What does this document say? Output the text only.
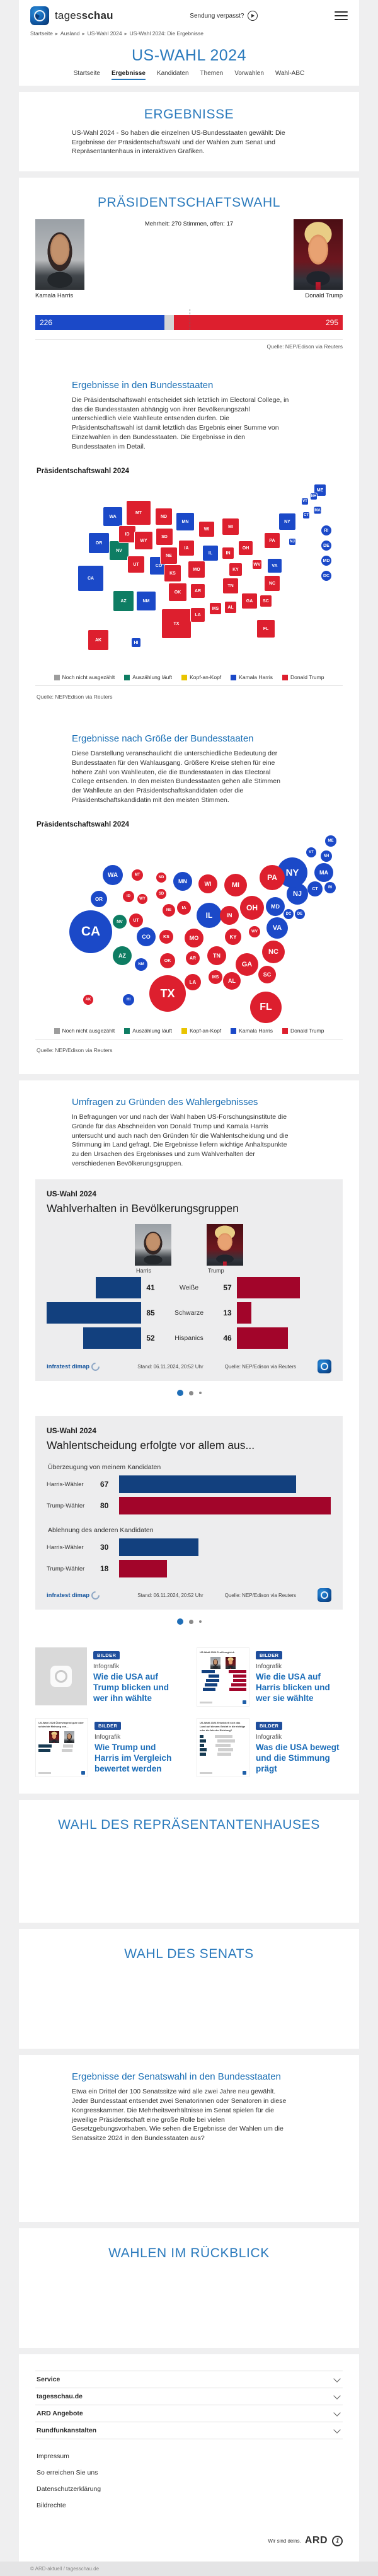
tagesschau	Sendung verpasst?
Startseite ▸ Ausland ▸ US-Wahl 2024 ▸ US-Wahl 2024: Die Ergebnisse
US-WAHL 2024
Startseite Ergebnisse Kandidaten Themen Vorwahlen Wahl-ABC
ERGEBNISSE

US-Wahl 2024 - So haben die einzelnen US-Bundesstaaten gewählt: Die Ergebnisse der Präsidentschaftswahl und der Wahlen zum Senat und Repräsentantenhaus in interaktiven Grafiken.

PRÄSIDENTSCHAFTSWAHL
Mehrheit: 270 Stimmen, offen: 17
Kamala Harris	Donald Trump
226	295
Quelle: NEP/Edison via Reuters
Ergebnisse in den Bundesstaaten

Die Präsidentschaftswahl entscheidet sich letztlich im Electoral College, in das die Bundesstaaten abhängig von ihrer Bevölkerungszahl unterschiedlich viele Wahlleute entsenden dürfen. Die Präsidentschaftswahl ist damit letztlich das Ergebnis einer Summe von Einzelwahlen in den Bundesstaaten. Die Ergebnisse in den Bundesstaaten im Detail.

Präsidentschaftswahl 2024
WA
OR
CA
NV
ID
MT
WY
UT	CO
AZ	NM
ND
SD
NE
KS
OK
TX
MN
IA
MO
AR
LA
WI
IL
MS
MI
IN
OH
KY
TN
AL
GA
FL
WV	VA
NC
SC
PA
NY
ME
NJ
VT
NH
MA
CT
AK
HI
RI
DE
MD
DC
Noch nicht ausgezählt	Auszählung läuft	Kopf-an-Kopf	Kamala Harris	Donald Trump
Quelle: NEP/Edison via Reuters
Ergebnisse nach Größe der Bundesstaaten

Diese Darstellung veranschaulicht die unterschiedliche Bedeutung der Bundesstaaten für den Wahlausgang. Größere Kreise stehen für eine höhere Zahl von Wahlleuten, die die Bundesstaaten in das Electoral College entsenden. In den meisten Bundesstaaten gehen alle Stimmen der Wahlleute an den Präsidentschaftskandidaten oder die Präsidentschaftskandidatin mit den meisten Stimmen.

Präsidentschaftswahl 2024
AK
AL
AR
AZ
CA	CO
CT
DC	DE
FL
GA
HI
IA
ID
IL	IN
KS	KY
LA
MA
MD
ME
MI
MN
MO
MS
MT
NC
ND
NE
NH
NJ
NM
NV
NY
OH
OK
OR
PA
RI
SC
SD
TN
TX
UT
VA
VT
WA
WI
WV
WY
Noch nicht ausgezählt	Auszählung läuft	Kopf-an-Kopf	Kamala Harris	Donald Trump
Quelle: NEP/Edison via Reuters
Umfragen zu Gründen des Wahlergebnisses

In Befragungen vor und nach der Wahl haben US-Forschungsinstitute die Gründe für das Abschneiden von Donald Trump und Kamala Harris untersucht und auch nach den Gründen für die Wahlentscheidung und die Stimmung im Land gefragt. Die Ergebnisse liefern wichtige Anhaltspunkte zu den Ursachen des Ergebnisses und zum Wahlverhalten der verschiedenen Bevölkerungsgruppen.

US-Wahl 2024
Wahlverhalten in Bevölkerungsgruppen
Harris	Trump
41	Weiße	57
85	Schwarze	13
52	Hispanics	46
infratest dimap	Stand: 06.11.2024, 20:52 Uhr	Quelle: NEP/Edison via Reuters
US-Wahl 2024
Wahlentscheidung erfolgte vor allem aus...
Überzeugung von meinem Kandidaten
Harris-Wähler	67
Trump-Wähler	80
Ablehnung des anderen Kandidaten
Harris-Wähler	30
Trump-Wähler	18
infratest dimap	Stand: 06.11.2024, 20:52 Uhr	Quelle: NEP/Edison via Reuters
BILDER
Infografik
Wie die USA auf Trump blicken und wer ihn wählte
US-Wahl 2024 Profilvergleich
BILDER
Infografik
Wie die USA auf Harris blicken und wer sie wählte
US-Wahl 2024 Überwiegend gute oder schlechte Meinung von...	BILDER
Infografik
Wie Trump und Harris im Vergleich bewertet werden
US-Wahl 2024 Entwickelt sich das Land auf diesem Gebiet in die richtige oder die falsche Richtung?
BILDER
Infografik
Was die USA bewegt und die Stimmung prägt
WAHL DES REPRÄSENTANTENHAUSES
WAHL DES SENATS
Ergebnisse der Senatswahl in den Bundesstaaten

Etwa ein Drittel der 100 Senatssitze wird alle zwei Jahre neu gewählt. Jeder Bundesstaat entsendet zwei Senatorinnen oder Senatoren in diese Kongresskammer. Die Mehrheitsverhältnisse im Senat spielen für die jeweilige Präsidentschaft eine große Rolle bei vielen Gesetzgebungsvorhaben. Wie sehen die Ergebnisse der Wahlen um die Senatssitze 2024 in den Bundesstaaten aus?

WAHLEN IM RÜCKBLICK
Service
tagesschau.de
ARD Angebote
Rundfunkanstalten
Impressum
So erreichen Sie uns
Datenschutzerklärung
Bildrechte
Wir sind deins. ARD	1
© ARD-aktuell / tagesschau.de
